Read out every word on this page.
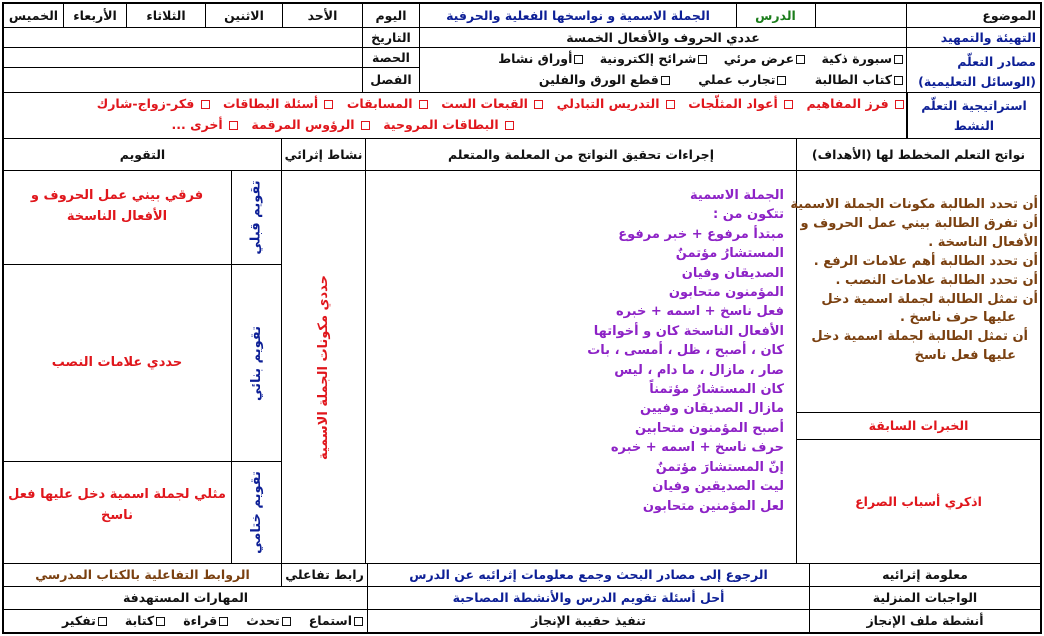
الموضوع
الدرس
الجملة الاسمية و نواسخها الفعلية والحرفية
اليوم
الأحد
الاثنين
الثلاثاء
الأربعاء
الخميس
التهيئة والتمهيد
عددي الحروف والأفعال الخمسة
التاريخ
الحصة
الفصل
مصادر التعلّم
(الوسائل التعليمية)
سبورة ذكية عرض مرئي شرائح إلكترونية أوراق نشاط
كتاب الطالبة تجارب عملي قطع الورق والفلين
استراتيجية التعلّم
النشط
فرز المفاهيم  أعواد المثلّجات  التدريس التبادلي  القبعات الست  المسابقات  أسئلة البطاقات  فكر-زواج-شارك
البطاقات المروحية  الرؤوس المرقمة  أخرى ...
نواتج التعلم المخطط لها (الأهداف)
إجراءات تحقيق النواتج من المعلمة والمتعلم
نشاط إثرائي
التقويم
أن تحدد الطالبة مكونات الجملة الاسمية
أن تفرق الطالبة بيني عمل الحروف و
الأفعال الناسخة .
أن تحدد الطالبة أهم علامات الرفع .
أن تحدد الطالبة علامات النصب .
أن تمثل الطالبة لجملة اسمية دخل
عليها حرف ناسخ .
أن تمثل الطالبة لجملة اسمية دخل
عليها فعل ناسخ
الخبرات السابقة
اذكري أسباب الصراع
الجملة الاسمية
تتكون من :
مبتدأ مرفوع + خبر مرفوع
المستشارُ مؤتمنٌ
الصديقان وفيان
المؤمنون متحابون
فعل ناسخ + اسمه + خبره
الأفعال الناسخة كان و أخواتها
كان ، أصبح ، ظل ، أمسى ، بات
صار ، مازال ، ما دام ، ليس
كان المستشارُ مؤتمناً
مازال الصديقان وفيين
أصبح المؤمنون متحابين
حرف ناسخ + اسمه + خبره
إنّ المستشارَ مؤتمنٌ
ليت الصديقين وفيان
لعل المؤمنين متحابون
حددي مكونات الجملة الاسمية
تقويم قبلي
تقويم بنائي
تقويم ختامي
فرقي بيني عمل الحروف و الأفعال الناسخة
حددي علامات النصب
مثلي لجملة اسمية دخل عليها فعل ناسخ
معلومة إثرائيه
الرجوع إلى مصادر البحث وجمع معلومات إثرائيه عن الدرس
رابط تفاعلي
الروابط التفاعلية بالكتاب المدرسي
الواجبات المنزلية
أحل أسئلة تقويم الدرس والأنشطة المصاحبة
المهارات المستهدفة
أنشطة ملف الإنجاز
تنفيذ حقيبة الإنجاز
استماع
تحدث
قراءة
كتابة
تفكير
